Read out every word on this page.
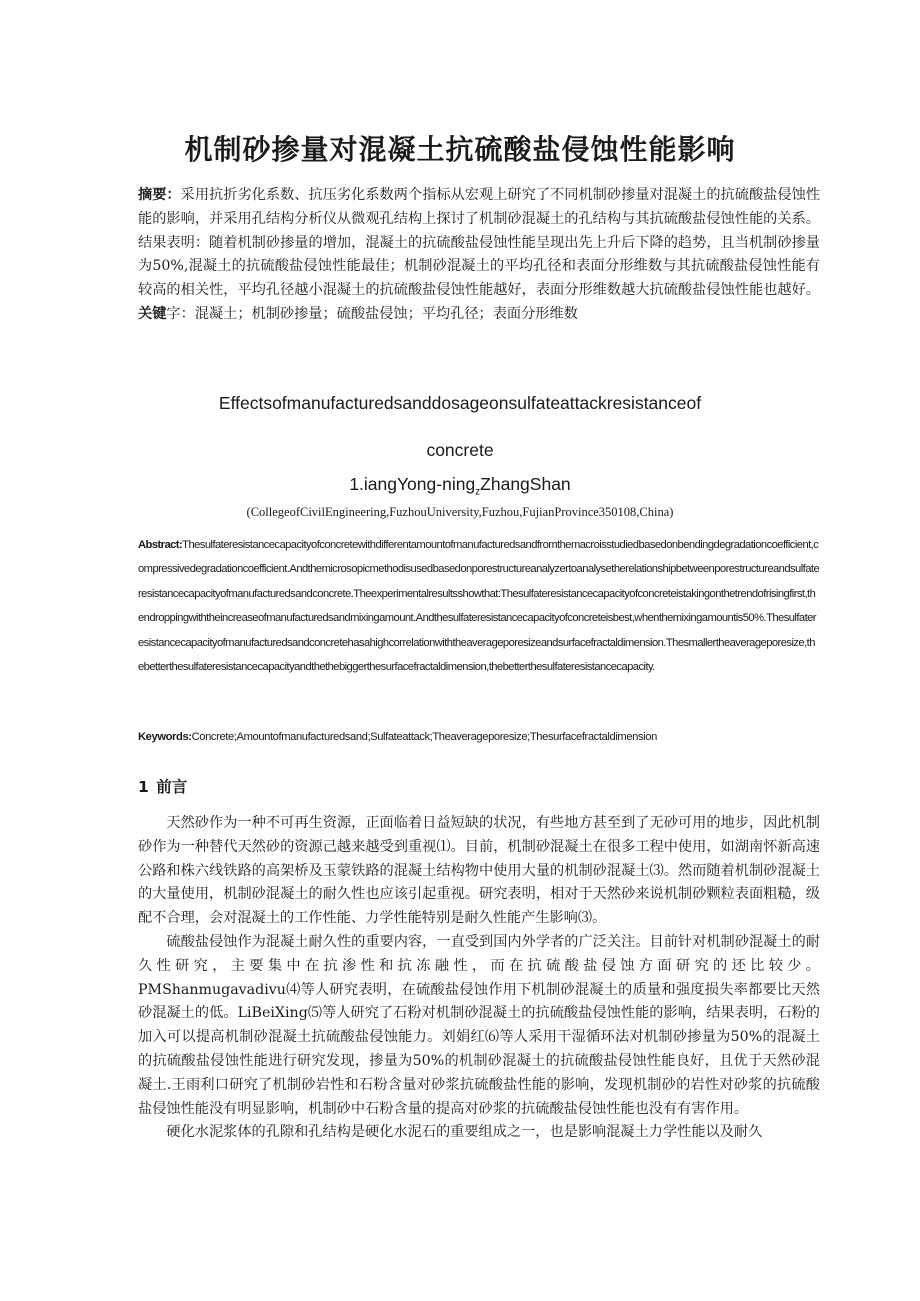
机制砂掺量对混凝土抗硫酸盐侵蚀性能影响

摘要：采用抗折劣化系数、抗压劣化系数两个指标从宏观上研究了不同机制砂掺量对混凝土的抗硫酸盐侵蚀性能的影响，并采用孔结构分析仪从微观孔结构上探讨了机制砂混凝土的孔结构与其抗硫酸盐侵蚀性能的关系。结果表明：随着机制砂掺量的增加，混凝土的抗硫酸盐侵蚀性能呈现出先上升后下降的趋势，且当机制砂掺量为50%,混凝土的抗硫酸盐侵蚀性能最佳；机制砂混凝土的平均孔径和表面分形维数与其抗硫酸盐侵蚀性能有较高的相关性，平均孔径越小混凝土的抗硫酸盐侵蚀性能越好，表面分形维数越大抗硫酸盐侵蚀性能也越好。关键字：混凝土；机制砂掺量；硫酸盐侵蚀；平均孔径；表面分形维数

Effectsofmanufacturedsanddosageonsulfateattackresistanceof

concrete

1.iangYong-ning$_z$ZhangShan

(CollegeofCivilEngineering,FuzhouUniversity,Fuzhou,FujianProvince350108,China)

Abstract:Thesulfateresistancecapacityofconcretewithdifferentamountofmanufacturedsandfromthemacroisstudiedbasedonbendingdegradationcoefficient,compressivedegradationcoefficient.Andthemicrosopicmethodisusedbasedonporestructureanalyzertoanalysetherelationshipbetweenporestructureandsulfateresistancecapacityofmanufacturedsandconcrete.Theexperimentalresultsshowthat:Thesulfateresistancecapacityofconcreteistakingonthetrendofrisingfirst,thendroppingwiththeincreaseofmanufacturedsandmixingamount.Andthesulfateresistancecapacityofconcreteisbest,whenthemixingamountis50%.Thesulfateresistancecapacityofmanufacturedsandconcretehasahighcorrelationwiththeaverageporesizeandsurfacefractaldimension.Thesmallertheaverageporesize,thebetterthesulfateresistancecapacityandthethebiggerthesurfacefractaldimension,thebetterthesulfateresistancecapacity.

Keywords:Concrete;Amountofmanufacturedsand;Sulfateattack;Theaverageporesize;Thesurfacefractaldimension

1 前言

天然砂作为一种不可再生资源，正面临着日益短缺的状况，有些地方甚至到了无砂可用的地步，因此机制砂作为一种替代天然砂的资源己越来越受到重视⑴。目前，机制砂混凝土在很多工程中使用，如湖南怀新高速公路和株六线铁路的高架桥及玉蒙铁路的混凝土结构物中使用大量的机制砂混凝土⑶。然而随着机制砂混凝土的大量使用，机制砂混凝土的耐久性也应该引起重视。研究表明，相对于天然砂来说机制砂颗粒表面粗糙，级配不合理，会对混凝土的工作性能、力学性能特别是耐久性能产生影响⑶。

硫酸盐侵蚀作为混凝土耐久性的重要内容，一直受到国内外学者的广泛关注。目前针对机制砂混凝土的耐久性研究，主要集中在抗渗性和抗冻融性，而在抗硫酸盐侵蚀方面研究的还比较少。PMShanmugavadivu⑷等人研究表明，在硫酸盐侵蚀作用下机制砂混凝土的质量和强度损失率都要比天然砂混凝土的低。LiBeiXing⑸等人研究了石粉对机制砂混凝土的抗硫酸盐侵蚀性能的影响，结果表明，石粉的加入可以提高机制砂混凝土抗硫酸盐侵蚀能力。刘娟红⑹等人采用干湿循环法对机制砂掺量为50%的混凝土的抗硫酸盐侵蚀性能进行研究发现，掺量为50%的机制砂混凝土的抗硫酸盐侵蚀性能良好，且优于天然砂混凝土.王雨利口研究了机制砂岩性和石粉含量对砂浆抗硫酸盐性能的影响，发现机制砂的岩性对砂浆的抗硫酸盐侵蚀性能没有明显影响，机制砂中石粉含量的提高对砂浆的抗硫酸盐侵蚀性能也没有有害作用。

硬化水泥浆体的孔隙和孔结构是硬化水泥石的重要组成之一，也是影响混凝土力学性能以及耐久
